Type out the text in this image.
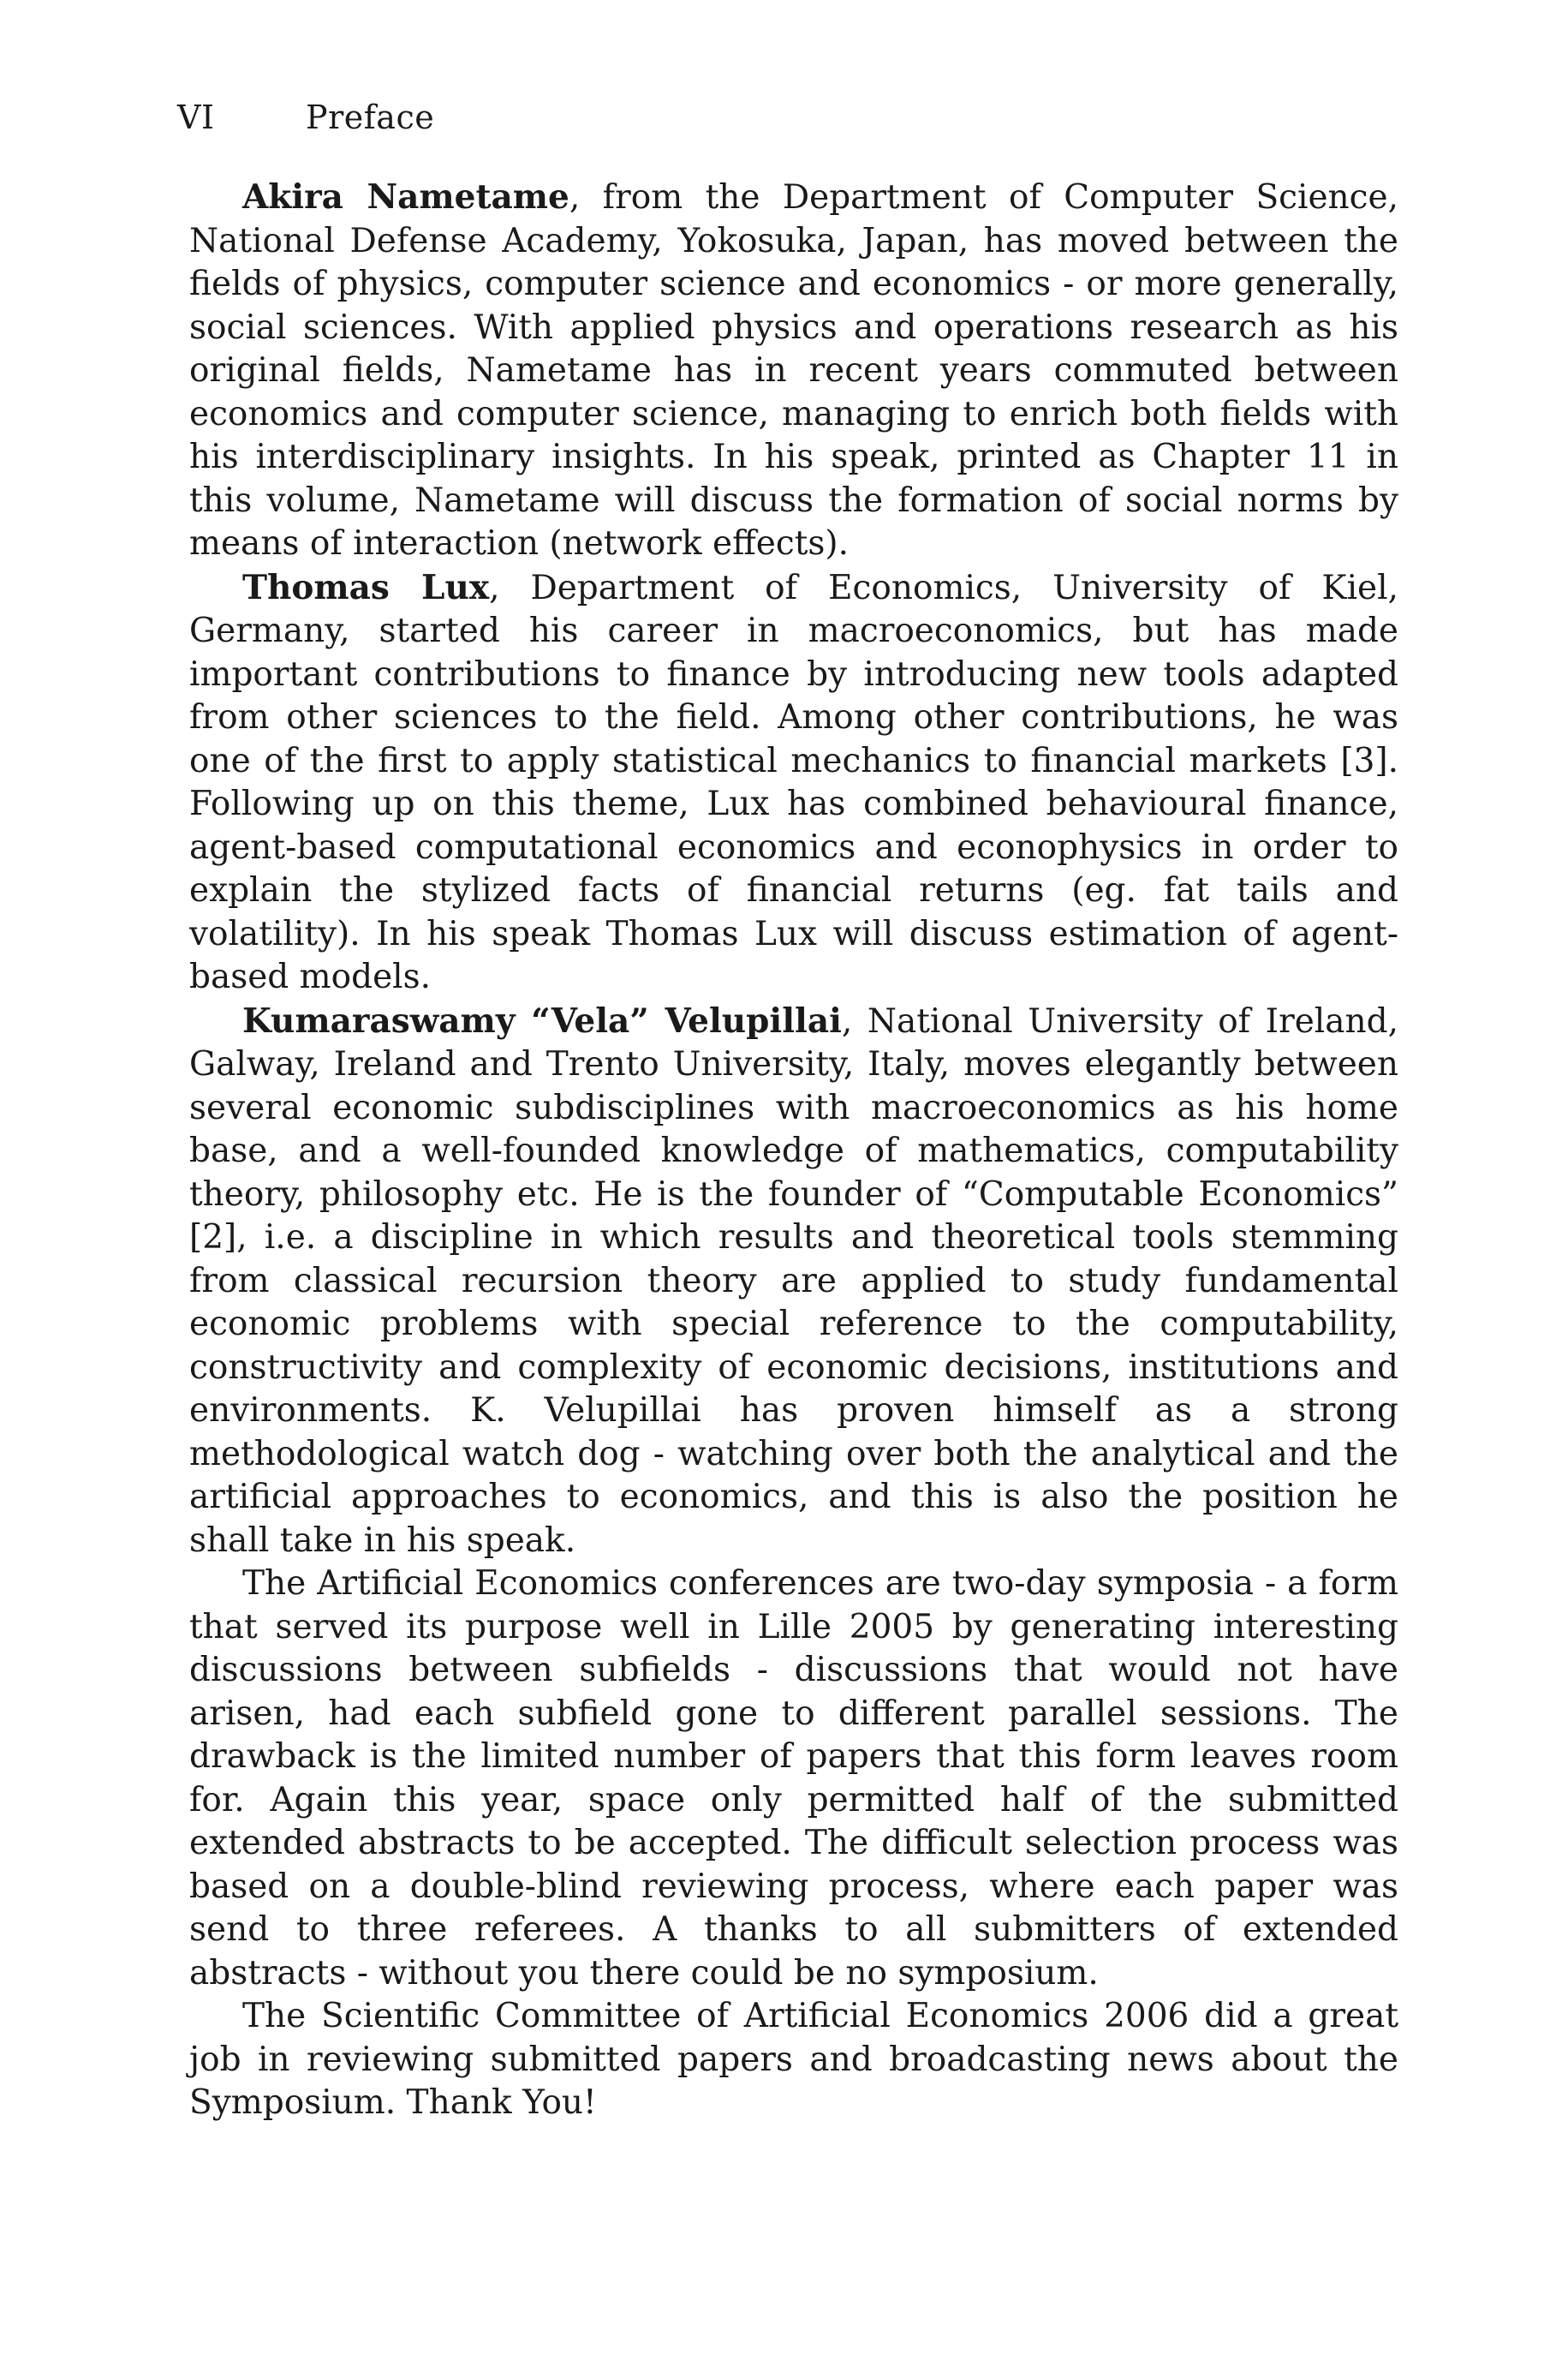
VI	Preface

Akira Nametame, from the Department of Computer Science, National Defense Academy, Yokosuka, Japan, has moved between the fields of physics, computer science and economics - or more generally, social sciences. With applied physics and operations research as his original fields, Nametame has in recent years commuted between economics and computer science, managing to enrich both fields with his interdisciplinary insights. In his speak, printed as Chapter 11 in this volume, Nametame will discuss the formation of social norms by means of interaction (network effects).

Thomas Lux, Department of Economics, University of Kiel, Germany, started his career in macroeconomics, but has made important contributions to finance by introducing new tools adapted from other sciences to the field. Among other contributions, he was one of the first to apply statistical mechanics to financial markets [3]. Following up on this theme, Lux has combined behavioural finance, agent-based computational economics and econophysics in order to explain the stylized facts of financial returns (eg. fat tails and volatility). In his speak Thomas Lux will discuss estimation of agent-based models.

Kumaraswamy “Vela” Velupillai, National University of Ireland, Galway, Ireland and Trento University, Italy, moves elegantly between several economic subdisciplines with macroeconomics as his home base, and a well-founded knowledge of mathematics, computability theory, philosophy etc. He is the founder of “Computable Economics” [2], i.e. a discipline in which results and theoretical tools stemming from classical recursion theory are applied to study fundamental economic problems with special reference to the computability, constructivity and complexity of economic decisions, institutions and environments. K. Velupillai has proven himself as a strong methodological watch dog - watching over both the analytical and the artificial approaches to economics, and this is also the position he shall take in his speak.

The Artificial Economics conferences are two-day symposia - a form that served its purpose well in Lille 2005 by generating interesting discussions between subfields - discussions that would not have arisen, had each subfield gone to different parallel sessions. The drawback is the limited number of papers that this form leaves room for. Again this year, space only permitted half of the submitted extended abstracts to be accepted. The difficult selection process was based on a double-blind reviewing process, where each paper was send to three referees. A thanks to all submitters of extended abstracts - without you there could be no symposium.

The Scientific Committee of Artificial Economics 2006 did a great job in reviewing submitted papers and broadcasting news about the Symposium. Thank You!
